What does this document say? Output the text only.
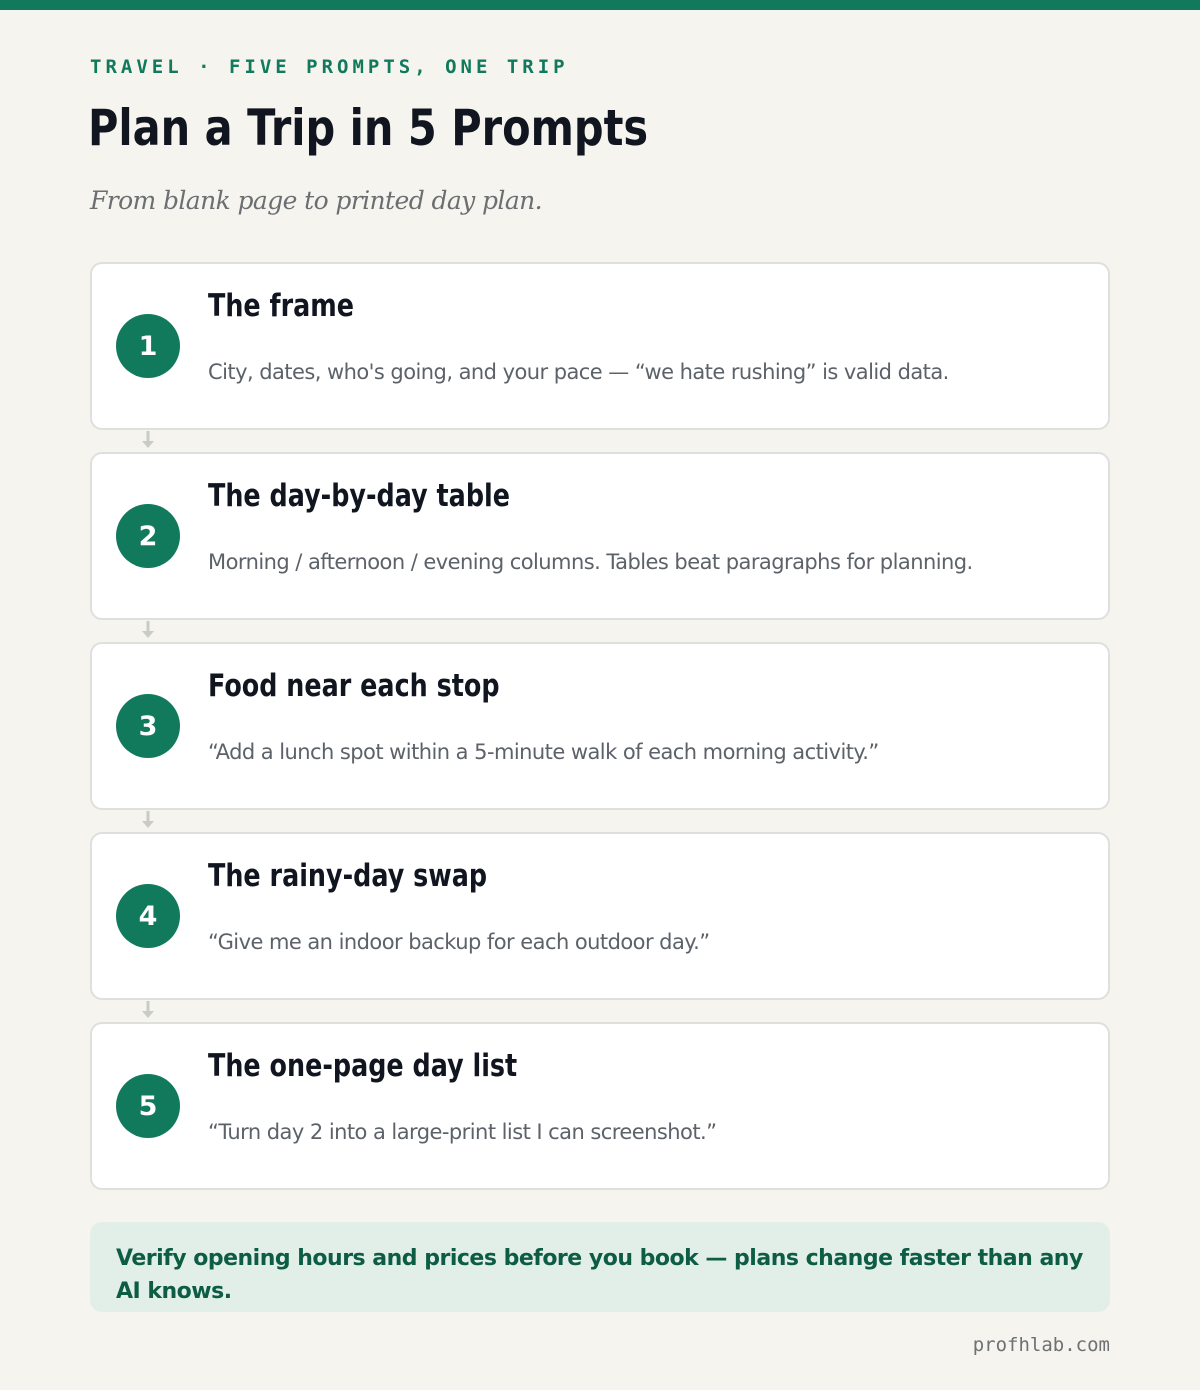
TRAVEL · FIVE PROMPTS, ONE TRIP
Plan a Trip in 5 Prompts
From blank page to printed day plan.
1
The frame
City, dates, who's going, and your pace — “we hate rushing” is valid data.
2
The day-by-day table
Morning / afternoon / evening columns. Tables beat paragraphs for planning.
3
Food near each stop
“Add a lunch spot within a 5-minute walk of each morning activity.”
4
The rainy-day swap
“Give me an indoor backup for each outdoor day.”
5
The one-page day list
“Turn day 2 into a large-print list I can screenshot.”
Verify opening hours and prices before you book — plans change faster than any AI knows.
profhlab.com
